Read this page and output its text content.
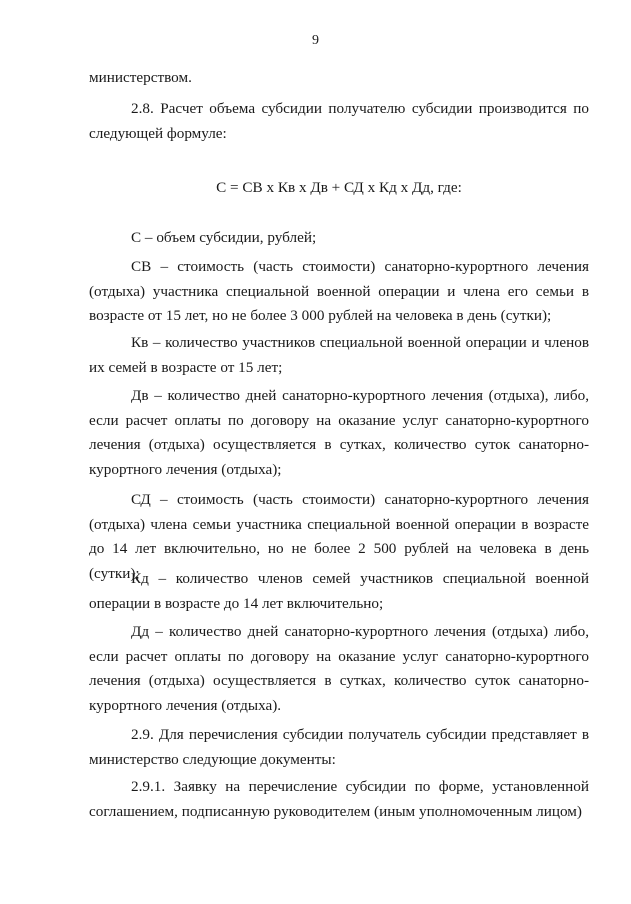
9

министерством.

2.8. Расчет объема субсидии получателю субсидии производится по следующей формуле:

С = СВ х Кв х Дв + СД х Кд х Дд, где:

С – объем субсидии, рублей;

СВ – стоимость (часть стоимости) санаторно-курортного лечения (отдыха) участника специальной военной операции и члена его семьи в возрасте от 15 лет, но не более 3 000 рублей на человека в день (сутки);

Кв – количество участников специальной военной операции и членов их семей в возрасте от 15 лет;

Дв – количество дней санаторно-курортного лечения (отдыха), либо, если расчет оплаты по договору на оказание услуг санаторно-курортного лечения (отдыха) осуществляется в сутках, количество суток санаторно-курортного лечения (отдыха);

СД – стоимость (часть стоимости) санаторно-курортного лечения (отдыха) члена семьи участника специальной военной операции в возрасте до 14 лет включительно, но не более 2 500 рублей на человека в день (сутки);

Кд – количество членов семей участников специальной военной операции в возрасте до 14 лет включительно;

Дд – количество дней санаторно-курортного лечения (отдыха) либо, если расчет оплаты по договору на оказание услуг санаторно-курортного лечения (отдыха) осуществляется в сутках, количество суток санаторно-курортного лечения (отдыха).

2.9. Для перечисления субсидии получатель субсидии представляет в министерство следующие документы:

2.9.1. Заявку на перечисление субсидии по форме, установленной соглашением, подписанную руководителем (иным уполномоченным лицом)
